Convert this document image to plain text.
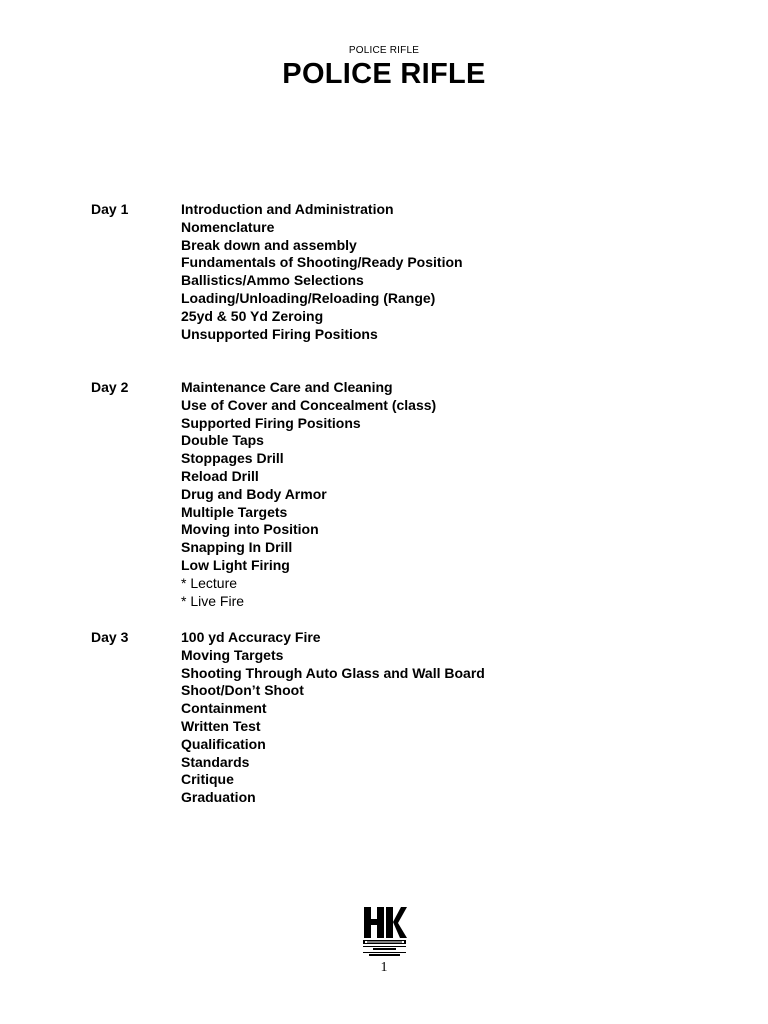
POLICE RIFLE
POLICE RIFLE
Day 1	Introduction and Administration
Nomenclature
Break down and assembly
Fundamentals of Shooting/Ready Position
Ballistics/Ammo Selections
Loading/Unloading/Reloading (Range)
25yd & 50 Yd Zeroing
Unsupported Firing Positions
Day 2	Maintenance Care and Cleaning
Use of Cover and Concealment (class)
Supported Firing Positions
Double Taps
Stoppages Drill
Reload Drill
Drug and Body Armor
Multiple Targets
Moving into Position
Snapping In Drill
Low Light Firing
* Lecture
* Live Fire
Day 3	100 yd Accuracy Fire
Moving Targets
Shooting Through Auto Glass and Wall Board
Shoot/Don’t Shoot
Containment
Written Test
Qualification
Standards
Critique
Graduation
1
